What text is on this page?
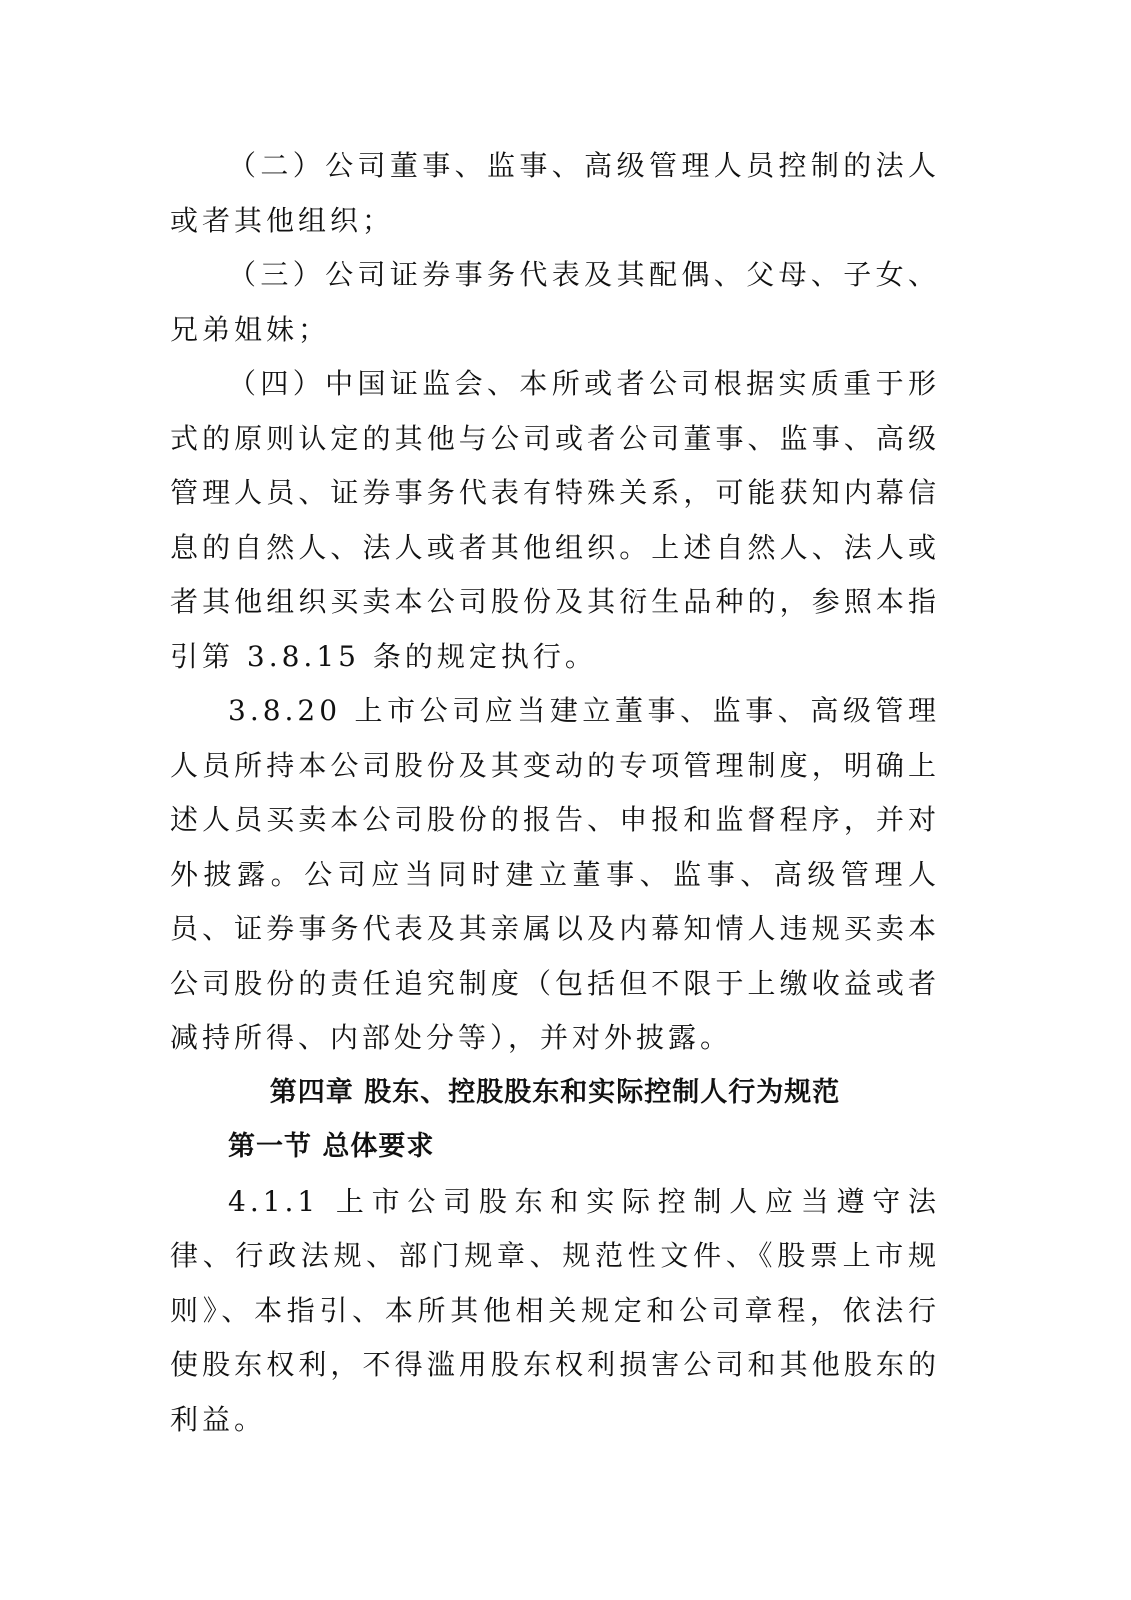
（二）公司董事、监事、高级管理人员控制的法人或者其他组织；

（三）公司证券事务代表及其配偶、父母、子女、兄弟姐妹；

（四）中国证监会、本所或者公司根据实质重于形式的原则认定的其他与公司或者公司董事、监事、高级管理人员、证券事务代表有特殊关系，可能获知内幕信息的自然人、法人或者其他组织。上述自然人、法人或者其他组织买卖本公司股份及其衍生品种的，参照本指引第 3.8.15 条的规定执行。

3.8.20 上市公司应当建立董事、监事、高级管理人员所持本公司股份及其变动的专项管理制度，明确上述人员买卖本公司股份的报告、申报和监督程序，并对外披露。公司应当同时建立董事、监事、高级管理人员、证券事务代表及其亲属以及内幕知情人违规买卖本公司股份的责任追究制度（包括但不限于上缴收益或者减持所得、内部处分等），并对外披露。

第四章 股东、控股股东和实际控制人行为规范
第一节 总体要求

4.1.1 上市公司股东和实际控制人应当遵守法律、行政法规、部门规章、规范性文件、《股票上市规则》、本指引、本所其他相关规定和公司章程，依法行使股东权利，不得滥用股东权利损害公司和其他股东的利益。
